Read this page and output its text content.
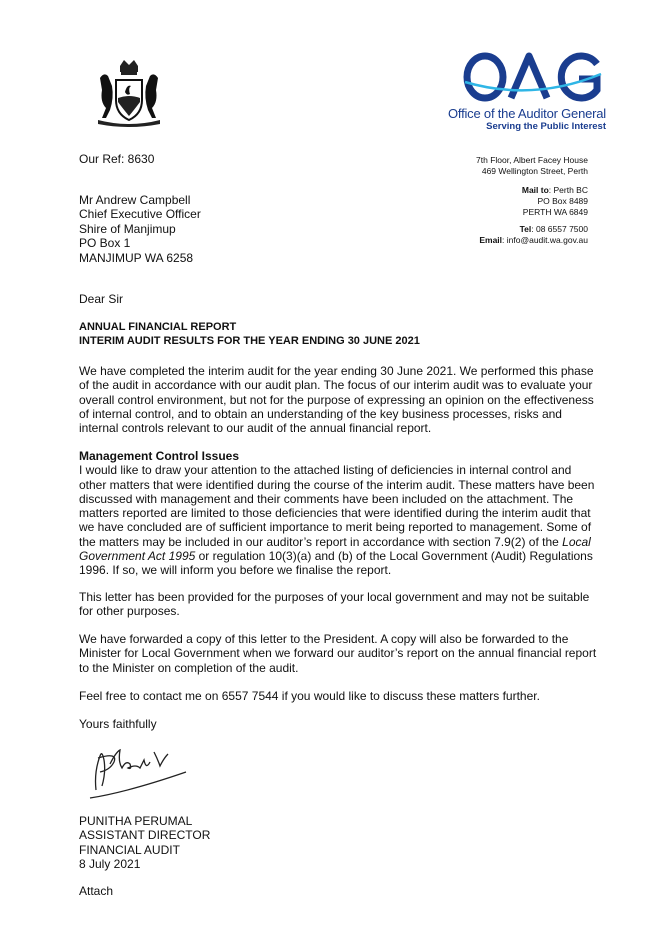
Office of the Auditor General
Serving the Public Interest
Our Ref: 8630	7th Floor, Albert Facey House
469 Wellington Street, Perth
Mail to: Perth BC
PO Box 8489
PERTH WA 6849
Tel: 08 6557 7500
Email: info@audit.wa.gov.au
Mr Andrew Campbell
Chief Executive Officer
Shire of Manjimup
PO Box 1
MANJIMUP WA 6258
Dear Sir
ANNUAL FINANCIAL REPORT
INTERIM AUDIT RESULTS FOR THE YEAR ENDING 30 JUNE 2021

We have completed the interim audit for the year ending 30 June 2021. We performed this phase of the audit in accordance with our audit plan. The focus of our interim audit was to evaluate your overall control environment, but not for the purpose of expressing an opinion on the effectiveness of internal control, and to obtain an understanding of the key business processes, risks and internal controls relevant to our audit of the annual financial report.

Management Control Issues

I would like to draw your attention to the attached listing of deficiencies in internal control and other matters that were identified during the course of the interim audit. These matters have been discussed with management and their comments have been included on the attachment. The matters reported are limited to those deficiencies that were identified during the interim audit that we have concluded are of sufficient importance to merit being reported to management. Some of the matters may be included in our auditor’s report in accordance with section 7.9(2) of the Local Government Act 1995 or regulation 10(3)(a) and (b) of the Local Government (Audit) Regulations 1996. If so, we will inform you before we finalise the report.

This letter has been provided for the purposes of your local government and may not be suitable for other purposes.

We have forwarded a copy of this letter to the President. A copy will also be forwarded to the Minister for Local Government when we forward our auditor’s report on the annual financial report to the Minister on completion of the audit.

Feel free to contact me on 6557 7544 if you would like to discuss these matters further.

Yours faithfully

PUNITHA PERUMAL
ASSISTANT DIRECTOR
FINANCIAL AUDIT
8 July 2021
Attach
